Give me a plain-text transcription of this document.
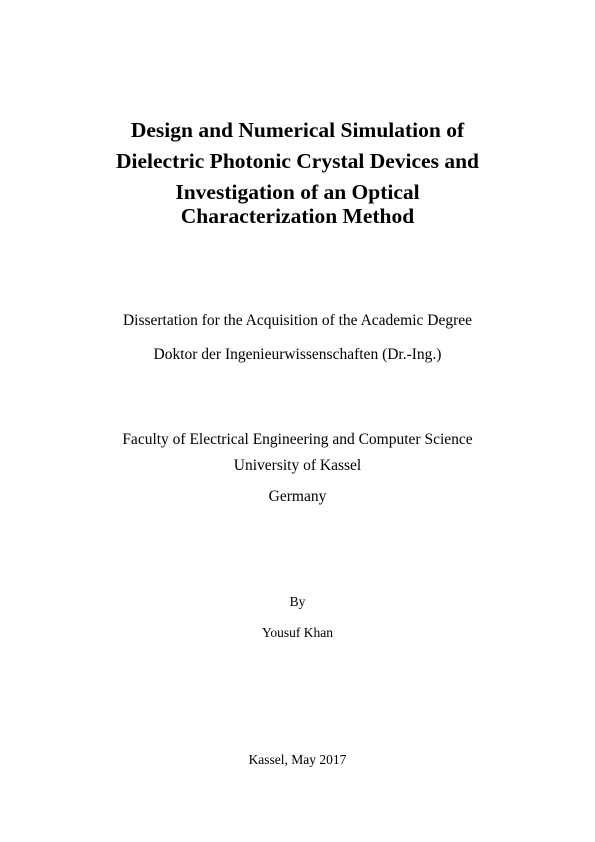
Design and Numerical Simulation of
Dielectric Photonic Crystal Devices and
Investigation of an Optical
Characterization Method
Dissertation for the Acquisition of the Academic Degree
Doktor der Ingenieurwissenschaften (Dr.-Ing.)
Faculty of Electrical Engineering and Computer Science
University of Kassel
Germany
By
Yousuf Khan
Kassel, May 2017
